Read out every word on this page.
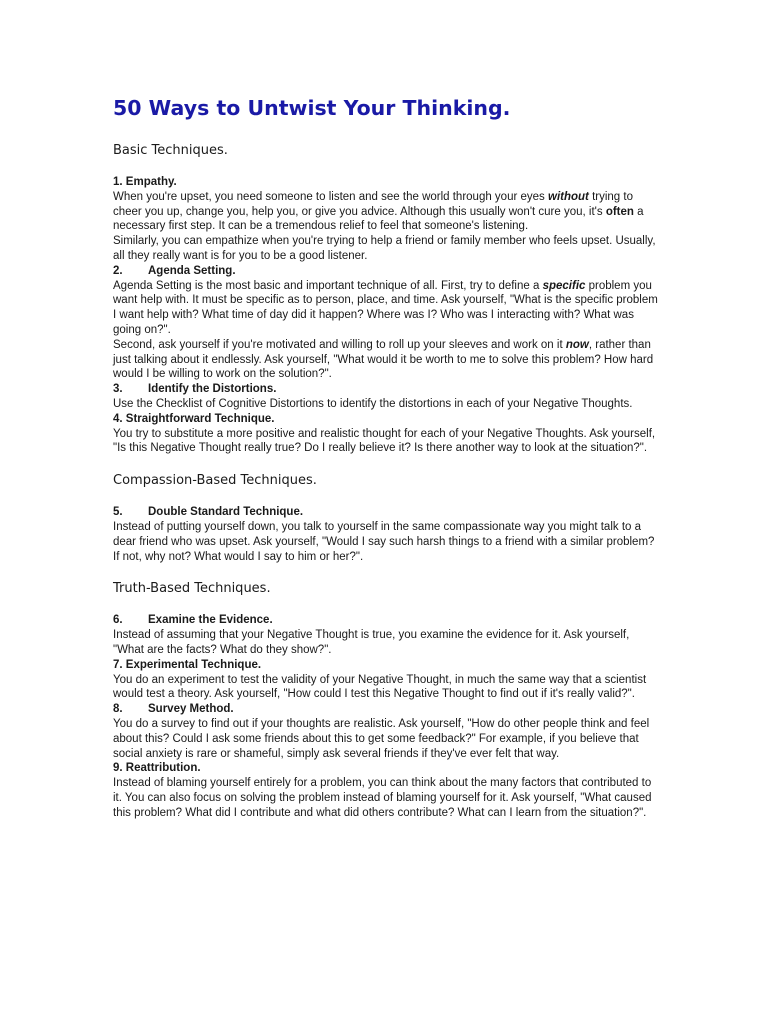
50 Ways to Untwist Your Thinking.
Basic Techniques.
1. Empathy.

When you're upset, you need someone to listen and see the world through your eyes without trying to cheer you up, change you, help you, or give you advice. Although this usually won't cure you, it's often a necessary first step. It can be a tremendous relief to feel that someone's listening.

Similarly, you can empathize when you're trying to help a friend or family member who feels upset. Usually, all they really want is for you to be a good listener.

2. Agenda Setting.

Agenda Setting is the most basic and important technique of all. First, try to define a specific problem you want help with. It must be specific as to person, place, and time. Ask yourself, "What is the specific problem I want help with? What time of day did it happen? Where was I? Who was I interacting with? What was going on?".

Second, ask yourself if you're motivated and willing to roll up your sleeves and work on it now, rather than just talking about it endlessly. Ask yourself, "What would it be worth to me to solve this problem? How hard would I be willing to work on the solution?".

3. Identify the Distortions.

Use the Checklist of Cognitive Distortions to identify the distortions in each of your Negative Thoughts.

4. Straightforward Technique.

You try to substitute a more positive and realistic thought for each of your Negative Thoughts. Ask yourself, "Is this Negative Thought really true? Do I really believe it? Is there another way to look at the situation?".

Compassion-Based Techniques.
5. Double Standard Technique.

Instead of putting yourself down, you talk to yourself in the same compassionate way you might talk to a dear friend who was upset. Ask yourself, "Would I say such harsh things to a friend with a similar problem? If not, why not? What would I say to him or her?".

Truth-Based Techniques.
6. Examine the Evidence.

Instead of assuming that your Negative Thought is true, you examine the evidence for it. Ask yourself, "What are the facts? What do they show?".

7. Experimental Technique.

You do an experiment to test the validity of your Negative Thought, in much the same way that a scientist would test a theory. Ask yourself, "How could I test this Negative Thought to find out if it's really valid?".

8. Survey Method.

You do a survey to find out if your thoughts are realistic. Ask yourself, "How do other people think and feel about this? Could I ask some friends about this to get some feedback?" For example, if you believe that social anxiety is rare or shameful, simply ask several friends if they've ever felt that way.

9. Reattribution.

Instead of blaming yourself entirely for a problem, you can think about the many factors that contributed to it. You can also focus on solving the problem instead of blaming yourself for it. Ask yourself, "What caused this problem? What did I contribute and what did others contribute? What can I learn from the situation?".
